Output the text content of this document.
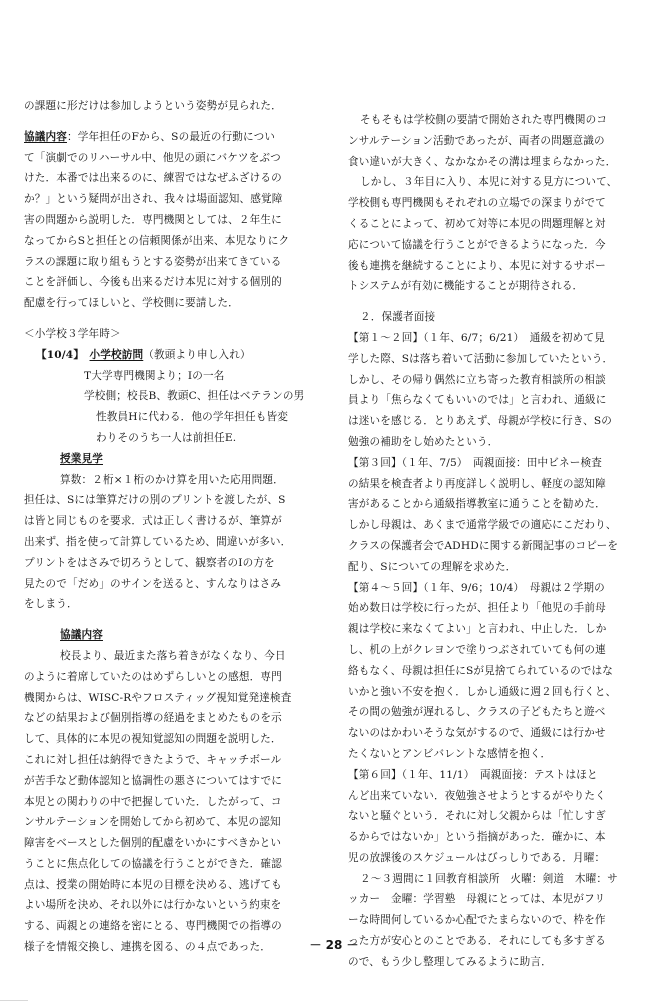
の課題に形だけは参加しようという姿勢が見られた．
協議内容：学年担任のFから、Sの最近の行動につい
て「演劇でのリハーサル中、他児の頭にバケツをぶつ
けた．本番では出来るのに、練習ではなぜふざけるの
か？」という疑問が出され、我々は場面認知、感覚障
害の問題から説明した．専門機関としては、２年生に
なってからSと担任との信頼関係が出来、本児なりにク
ラスの課題に取り組もうとする姿勢が出来てきている
ことを評価し、今後も出来るだけ本児に対する個別的
配慮を行ってほしいと、学校側に要請した．
＜小学校３学年時＞
【10/4】　 小学校訪問（教頭より申し入れ）
T大学専門機関より；Iの一名
学校側；校長B、教頭C、担任はベテランの男
性教員Hに代わる．他の学年担任も皆変
わりそのうち一人は前担任E.
授業見学
算数：２桁×１桁のかけ算を用いた応用問題．
担任は、Sには筆算だけの別のプリントを渡したが、S
は皆と同じものを要求．式は正しく書けるが、筆算が
出来ず、指を使って計算しているため、間違いが多い．
プリントをはさみで切ろうとして、観察者のIの方を
見たので「だめ」のサインを送ると、すんなりはさみ
をしまう．
協議内容
校長より、最近また落ち着きがなくなり、今日
のように着席していたのはめずらしいとの感想．専門
機関からは、WISC-Rやフロスティッグ視知覚発達検査
などの結果および個別指導の経過をまとめたものを示
して、具体的に本児の視知覚認知の問題を説明した．
これに対し担任は納得できたようで、キャッチボール
が苦手など動体認知と協調性の悪さについてはすでに
本児との関わりの中で把握していた．したがって、コ
ンサルテーションを開始してから初めて、本児の認知
障害をベースとした個別的配慮をいかにすべきかとい
うことに焦点化しての協議を行うことができた．確認
点は、授業の開始時に本児の目標を決める、逃げても
よい場所を決め、それ以外には行かないという約束を
する、両親との連絡を密にとる、専門機関での指導の
様子を情報交換し、連携を図る、の４点であった．
そもそもは学校側の要請で開始された専門機関のコ
ンサルテーション活動であったが、両者の問題意識の
食い違いが大きく、なかなかその溝は埋まらなかった．
しかし、３年目に入り、本児に対する見方について、
学校側も専門機関もそれぞれの立場での深まりがでて
くることによって、初めて対等に本児の問題理解と対
応について協議を行うことができるようになった．今
後も連携を継続することにより、本児に対するサポー
トシステムが有効に機能することが期待される．
２．保護者面接
【第１～２回】（１年、6/7；6/21）　通級を初めて見
学した際、Sは落ち着いて活動に参加していたという．
しかし、その帰り偶然に立ち寄った教育相談所の相談
員より「焦らなくてもいいのでは」と言われ、通級に
は迷いを感じる．とりあえず、母親が学校に行き、Sの
勉強の補助をし始めたという．
【第３回】（１年、7/5）　両親面接：田中ビネー検査
の結果を検査者より再度詳しく説明し、軽度の認知障
害があることから通級指導教室に通うことを勧めた．
しかし母親は、あくまで通常学級での適応にこだわり、
クラスの保護者会でADHDに関する新聞記事のコピーを
配り、Sについての理解を求めた．
【第４～５回】（１年、9/6；10/4）　母親は２学期の
始め数日は学校に行ったが、担任より「他児の手前母
親は学校に来なくてよい」と言われ、中止した．しか
し、机の上がクレヨンで塗りつぶされていても何の連
絡もなく、母親は担任にSが見捨てられているのではな
いかと強い不安を抱く．しかし通級に週２回も行くと、
その間の勉強が遅れるし、クラスの子どもたちと遊べ
ないのはかわいそうな気がするので、通級には行かせ
たくないとアンビバレントな感情を抱く．
【第６回】（１年、11/1）　両親面接：テストはほと
んど出来ていない．夜勉強させようとするがやりたく
ないと騒ぐという．それに対し父親からは「忙しすぎ
るからではないか」という指摘があった．確かに、本
児の放課後のスケジュールはびっしりである．月曜：
２～３週間に１回教育相談所　火曜：剣道　木曜：サ
ッカー　金曜：学習塾　母親にとっては、本児がフリ
ーな時間何しているか心配でたまらないので、枠を作
った方が安心とのことである．それにしても多すぎる
ので、もう少し整理してみるように助言．
－ 28 －
